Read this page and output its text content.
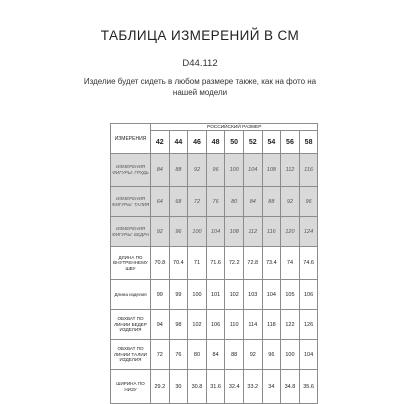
ТАБЛИЦА ИЗМЕРЕНИЙ В СМ
D44.112
Изделие будет сидеть в любом размере также, как на фото на нашей модели
ИЗМЕРЕНИЯ	РОССИЙСКИЙ РАЗМЕР								
	42	44	46	48	50	52	54	56	58
ИЗМЕРЕНИЯ ФИГУРЫ: ГРУДЬ	84	88	92	96	100	104	108	112	116
ИЗМЕРЕНИЯ ФИГУРЫ: ТАЛИЯ	64	68	72	76	80	84	88	92	96
ИЗМЕРЕНИЯ ФИГУРЫ: БЕДРА	92	96	100	104	108	112	116	120	124
ДЛИНА ПО ВНУТРЕННЕМУ ШВУ	70.8	70.4	71	71.6	72.2	72.8	73.4	74	74.6
Длина изделия	99	99	100	101	102	103	104	105	106
ОБХВАТ ПО ЛИНИИ БЕДЕР ИЗДЕЛИЯ	94	98	102	106	110	114	118	122	126
ОБХВАТ ПО ЛИНИИ ТАЛИИ ИЗДЕЛИЯ	72	76	80	84	88	92	96	100	104
ШИРИНА ПО НИЗУ	29.2	30	30.8	31.6	32.4	33.2	34	34.8	35.6
